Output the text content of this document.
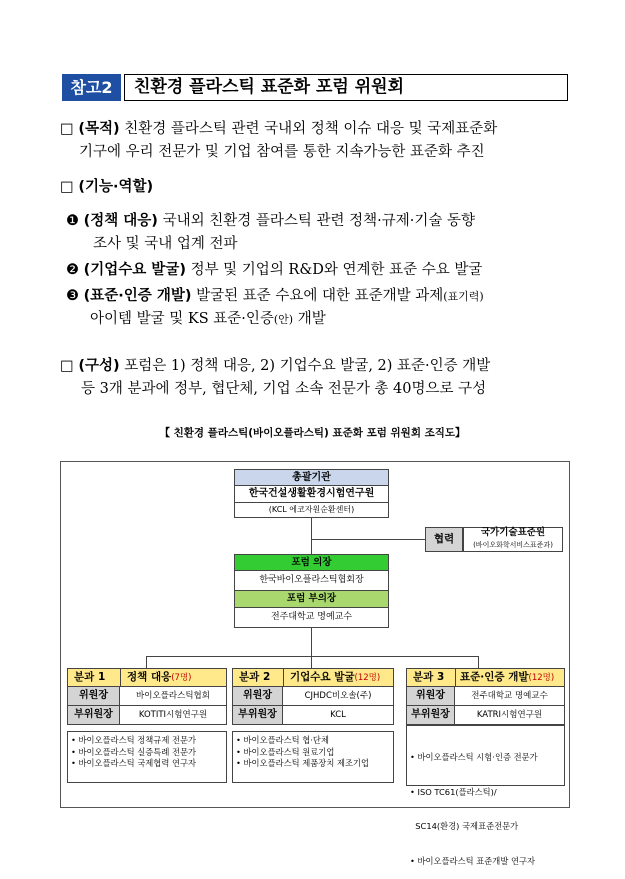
참고2	친환경 플라스틱 표준화 포럼 위원회
□ (목적) 친환경 플라스틱 관련 국내외 정책 이슈 대응 및 국제표준화
기구에 우리 전문가 및 기업 참여를 통한 지속가능한 표준화 추진
□ (기능·역할)
❶ (정책 대응) 국내외 친환경 플라스틱 관련 정책·규제·기술 동향
조사 및 국내 업계 전파
❷ (기업수요 발굴) 정부 및 기업의 R&D와 연계한 표준 수요 발굴
❸ (표준·인증 개발) 발굴된 표준 수요에 대한 표준개발 과제(표기력)
아이템 발굴 및 KS 표준·인증(안) 개발
□ (구성) 포럼은 1) 정책 대응, 2) 기업수요 발굴, 2) 표준·인증 개발
등 3개 분과에 정부, 협단체, 기업 소속 전문가 총 40명으로 구성
【 친환경 플라스틱(바이오플라스틱) 표준화 포럼 위원회 조직도】
총괄기관
한국건설생활환경시험연구원
(KCL 에코자원순환센터)
협력
국가기술표준원
(바이오화학서비스표준과)
포럼 의장
한국바이오플라스틱협회장
포럼 부의장
전주대학교 명예교수
분과 1 정책 대응(7명)
위원장	바이오플라스틱협회
부위원장	KOTITI시험연구원
• 바이오플라스틱 정책규제 전문가
• 바이오플라스틱 실증특례 전문가
• 바이오플라스틱 국제협력 연구자
분과 2 기업수요 발굴(12명)
위원장	CJHDC비오솔(주)
부위원장	KCL
• 바이오플라스틱 협·단체
• 바이오플라스틱 원료기업
• 바이오플라스틱 제품장치 제조기업
분과 3 표준·인증 개발(12명)
위원장	전주대학교 명예교수
부위원장	KATRI시험연구원

• 바이오플라스틱 시험·인증 전문가

• ISO TC61(플라스틱)/

SC14(환경) 국제표준전문가

• 바이오플라스틱 표준개발 연구자
